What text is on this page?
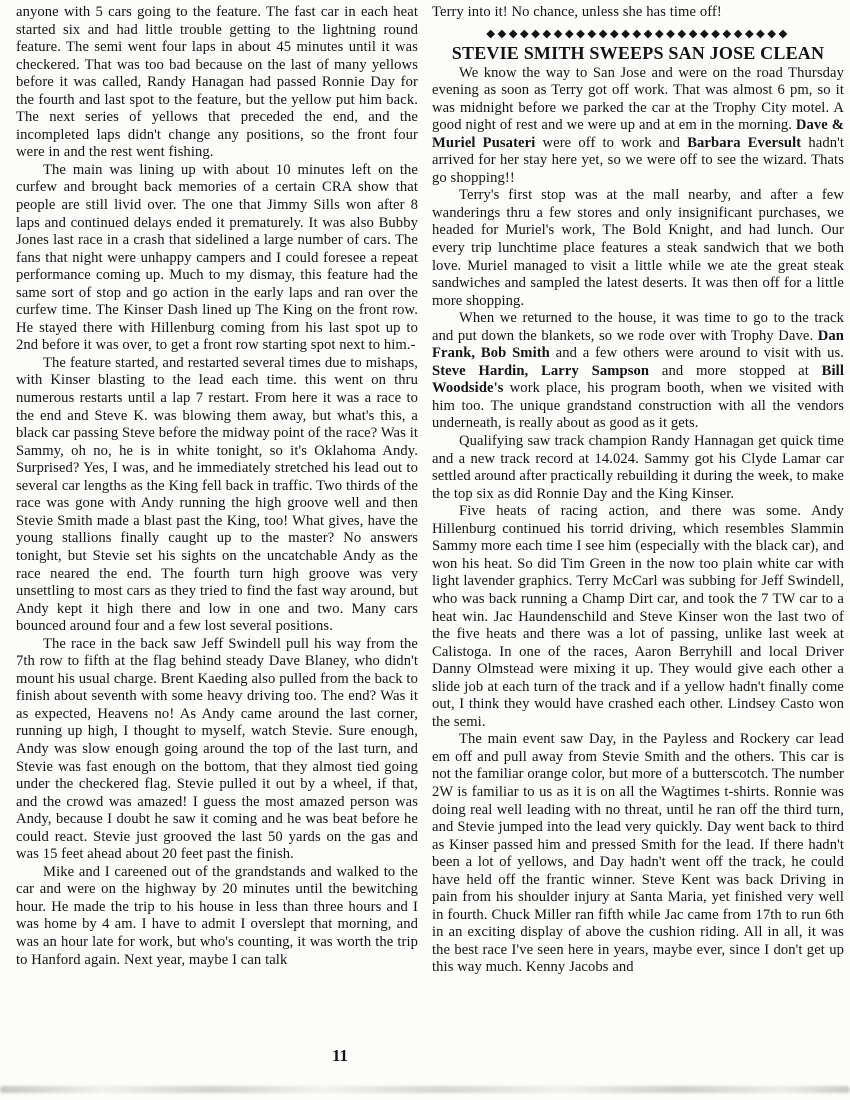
anyone with 5 cars going to the feature. The fast car in each heat started six and had little trouble getting to the lightning round feature. The semi went four laps in about 45 minutes until it was checkered. That was too bad because on the last of many yellows before it was called, Randy Hanagan had passed Ronnie Day for the fourth and last spot to the feature, but the yellow put him back. The next series of yellows that preceded the end, and the incompleted laps didn't change any positions, so the front four were in and the rest went fishing.

The main was lining up with about 10 minutes left on the curfew and brought back memories of a certain CRA show that people are still livid over. The one that Jimmy Sills won after 8 laps and continued delays ended it prematurely. It was also Bubby Jones last race in a crash that sidelined a large number of cars. The fans that night were unhappy campers and I could foresee a repeat performance coming up. Much to my dismay, this feature had the same sort of stop and go action in the early laps and ran over the curfew time. The Kinser Dash lined up The King on the front row. He stayed there with Hillenburg coming from his last spot up to 2nd before it was over, to get a front row starting spot next to him.-

The feature started, and restarted several times due to mishaps, with Kinser blasting to the lead each time. this went on thru numerous restarts until a lap 7 restart. From here it was a race to the end and Steve K. was blowing them away, but what's this, a black car passing Steve before the midway point of the race? Was it Sammy, oh no, he is in white tonight, so it's Oklahoma Andy. Surprised? Yes, I was, and he immediately stretched his lead out to several car lengths as the King fell back in traffic. Two thirds of the race was gone with Andy running the high groove well and then Stevie Smith made a blast past the King, too! What gives, have the young stallions finally caught up to the master? No answers tonight, but Stevie set his sights on the uncatchable Andy as the race neared the end. The fourth turn high groove was very unsettling to most cars as they tried to find the fast way around, but Andy kept it high there and low in one and two. Many cars bounced around four and a few lost several positions.

The race in the back saw Jeff Swindell pull his way from the 7th row to fifth at the flag behind steady Dave Blaney, who didn't mount his usual charge. Brent Kaeding also pulled from the back to finish about seventh with some heavy driving too. The end? Was it as expected, Heavens no! As Andy came around the last corner, running up high, I thought to myself, watch Stevie. Sure enough, Andy was slow enough going around the top of the last turn, and Stevie was fast enough on the bottom, that they almost tied going under the checkered flag. Stevie pulled it out by a wheel, if that, and the crowd was amazed! I guess the most amazed person was Andy, because I doubt he saw it coming and he was beat before he could react. Stevie just grooved the last 50 yards on the gas and was 15 feet ahead about 20 feet past the finish.

Mike and I careened out of the grandstands and walked to the car and were on the highway by 20 minutes until the bewitching hour. He made the trip to his house in less than three hours and I was home by 4 am. I have to admit I overslept that morning, and was an hour late for work, but who's counting, it was worth the trip to Hanford again. Next year, maybe I can talk

Terry into it! No chance, unless she has time off!

◆◆◆◆◆◆◆◆◆◆◆◆◆◆◆◆◆◆◆◆◆◆◆◆◆◆◆
STEVIE SMITH SWEEPS SAN JOSE CLEAN

We know the way to San Jose and were on the road Thursday evening as soon as Terry got off work. That was almost 6 pm, so it was midnight before we parked the car at the Trophy City motel. A good night of rest and we were up and at em in the morning. Dave & Muriel Pusateri were off to work and Barbara Eversult hadn't arrived for her stay here yet, so we were off to see the wizard. Thats go shopping!!

Terry's first stop was at the mall nearby, and after a few wanderings thru a few stores and only insignificant purchases, we headed for Muriel's work, The Bold Knight, and had lunch. Our every trip lunchtime place features a steak sandwich that we both love. Muriel managed to visit a little while we ate the great steak sandwiches and sampled the latest deserts. It was then off for a little more shopping.

When we returned to the house, it was time to go to the track and put down the blankets, so we rode over with Trophy Dave. Dan Frank, Bob Smith and a few others were around to visit with us. Steve Hardin, Larry Sampson and more stopped at Bill Woodside's work place, his program booth, when we visited with him too. The unique grandstand construction with all the vendors underneath, is really about as good as it gets.

Qualifying saw track champion Randy Hannagan get quick time and a new track record at 14.024. Sammy got his Clyde Lamar car settled around after practically rebuilding it during the week, to make the top six as did Ronnie Day and the King Kinser.

Five heats of racing action, and there was some. Andy Hillenburg continued his torrid driving, which resembles Slammin Sammy more each time I see him (especially with the black car), and won his heat. So did Tim Green in the now too plain white car with light lavender graphics. Terry McCarl was subbing for Jeff Swindell, who was back running a Champ Dirt car, and took the 7 TW car to a heat win. Jac Haundenschild and Steve Kinser won the last two of the five heats and there was a lot of passing, unlike last week at Calistoga. In one of the races, Aaron Berryhill and local Driver Danny Olmstead were mixing it up. They would give each other a slide job at each turn of the track and if a yellow hadn't finally come out, I think they would have crashed each other. Lindsey Casto won the semi.

The main event saw Day, in the Payless and Rockery car lead em off and pull away from Stevie Smith and the others. This car is not the familiar orange color, but more of a butterscotch. The number 2W is familiar to us as it is on all the Wagtimes t-shirts. Ronnie was doing real well leading with no threat, until he ran off the third turn, and Stevie jumped into the lead very quickly. Day went back to third as Kinser passed him and pressed Smith for the lead. If there hadn't been a lot of yellows, and Day hadn't went off the track, he could have held off the frantic winner. Steve Kent was back Driving in pain from his shoulder injury at Santa Maria, yet finished very well in fourth. Chuck Miller ran fifth while Jac came from 17th to run 6th in an exciting display of above the cushion riding. All in all, it was the best race I've seen here in years, maybe ever, since I don't get up this way much. Kenny Jacobs and

11
